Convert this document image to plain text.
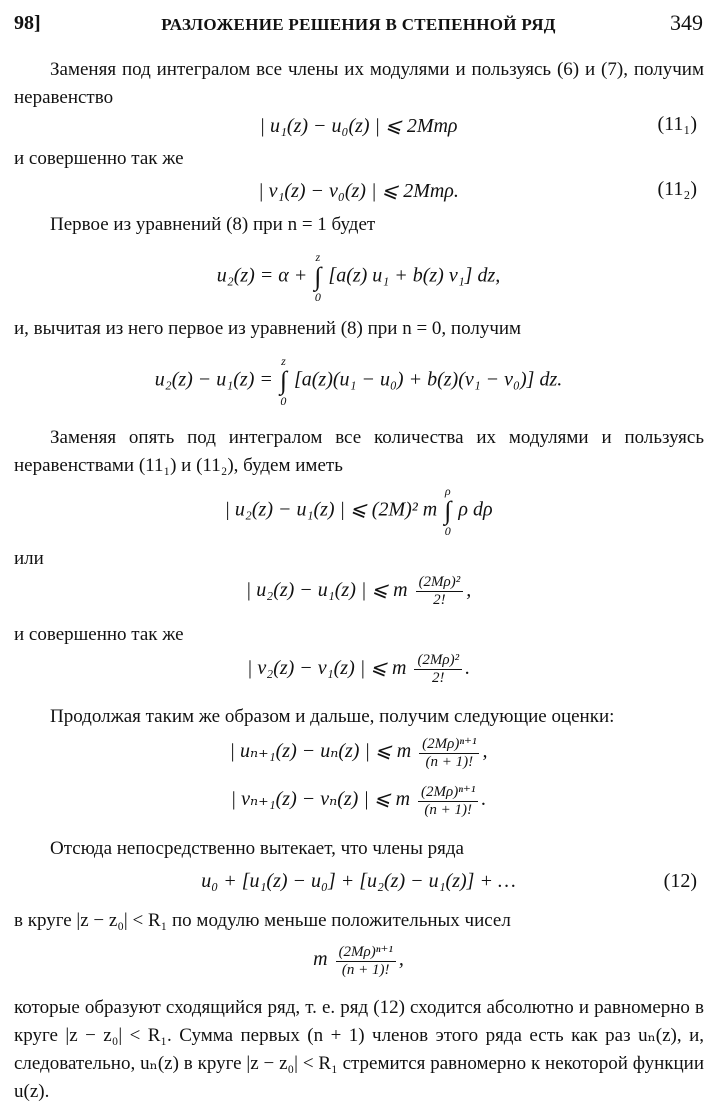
98]	РАЗЛОЖЕНИЕ РЕШЕНИЯ В СТЕПЕННОЙ РЯД	349
Заменяя под интегралом все члены их модулями и пользуясь (6) и (7), получим неравенство
| u₁(z) − u₀(z) | ⩽ 2Mmρ	(11₁)
и совершенно так же
| v₁(z) − v₀(z) | ⩽ 2Mmρ.	(11₂)
Первое из уравнений (8) при n = 1 будет
u₂(z) = α +
z
∫
0
[a(z) u₁ + b(z) v₁] dz,
и, вычитая из него первое из уравнений (8) при n = 0, получим
u₂(z) − u₁(z) =
z
∫
0
[a(z)(u₁ − u₀) + b(z)(v₁ − v₀)] dz.
Заменяя опять под интегралом все количества их модулями и пользуясь неравенствами (11₁) и (11₂), будем иметь
| u₂(z) − u₁(z) | ⩽ (2M)² m
ρ
∫
0
ρ dρ
или
| u₂(z) − u₁(z) | ⩽ m $\frac{\text{(2Mρ)²}}{2!}$ ,
и совершенно так же
| v₂(z) − v₁(z) | ⩽ m $\frac{\text{(2Mρ)²}}{2!}$ .
Продолжая таким же образом и дальше, получим следующие оценки:
| uₙ₊₁(z) − uₙ(z) | ⩽ m $\frac{\text{(2Mρ)ⁿ⁺¹}}{(n + 1)!}$ ,
| vₙ₊₁(z) − vₙ(z) | ⩽ m $\frac{\text{(2Mρ)ⁿ⁺¹}}{(n + 1)!}$ .
Отсюда непосредственно вытекает, что члены ряда
u₀ + [u₁(z) − u₀] + [u₂(z) − u₁(z)] + …	(12)
в круге |z − z₀| < R₁ по модулю меньше положительных чисел
m $\frac{\text{(2Mρ)ⁿ⁺¹}}{(n + 1)!}$ ,
которые образуют сходящийся ряд, т. е. ряд (12) сходится абсолютно и равномерно в круге |z − z₀| < R₁. Сумма первых (n + 1) членов этого ряда есть как раз uₙ(z), и, следовательно, uₙ(z) в круге |z − z₀| < R₁ стремится равномерно к некоторой функции u(z).
